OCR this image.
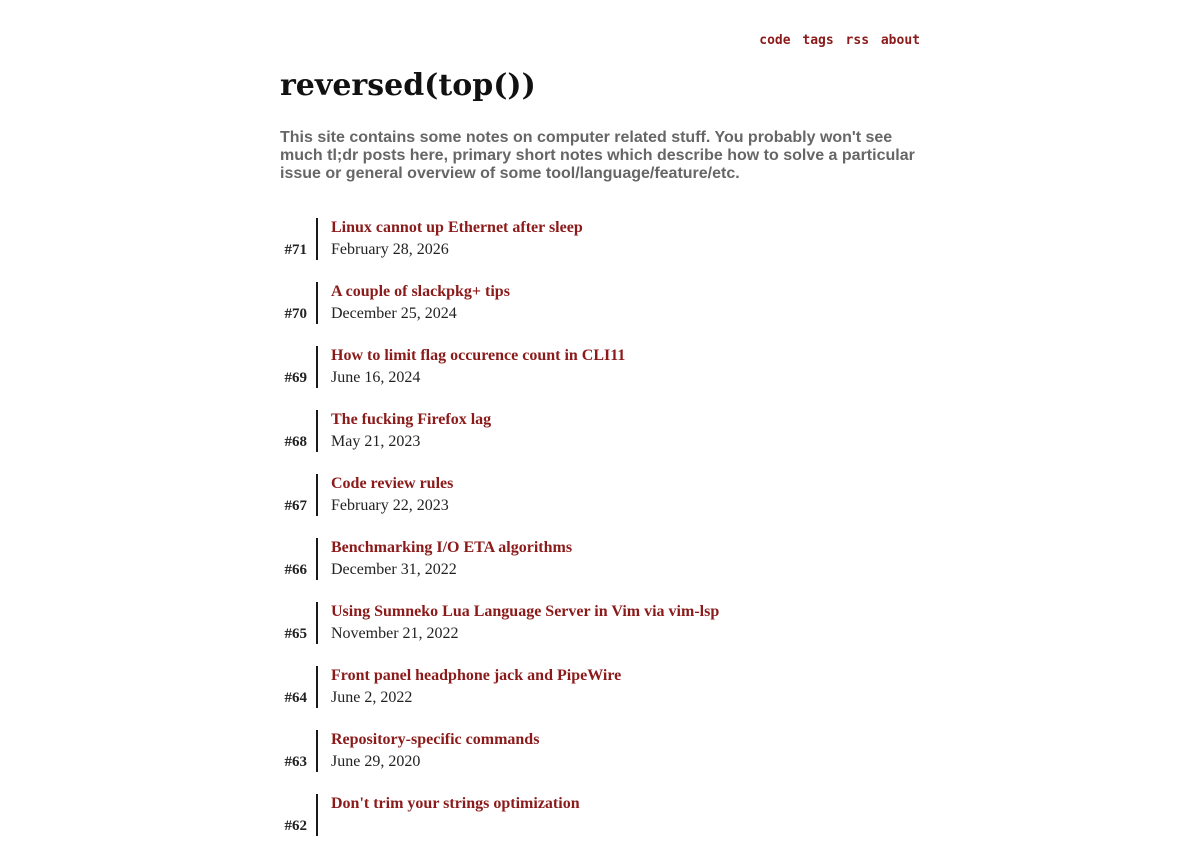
code tags rss about
reversed(top())

This site contains some notes on computer related stuff. You probably won't see much tl;dr posts here, primary short notes which describe how to solve a particular issue or general overview of some tool/language/feature/etc.

#71
Linux cannot up Ethernet after sleep
February 28, 2026
#70
A couple of slackpkg+ tips
December 25, 2024
#69
How to limit flag occurence count in CLI11
June 16, 2024
#68
The fucking Firefox lag
May 21, 2023
#67
Code review rules
February 22, 2023
#66
Benchmarking I/O ETA algorithms
December 31, 2022
#65
Using Sumneko Lua Language Server in Vim via vim-lsp
November 21, 2022
#64
Front panel headphone jack and PipeWire
June 2, 2022
#63
Repository-specific commands
June 29, 2020
#62
Don't trim your strings optimization
